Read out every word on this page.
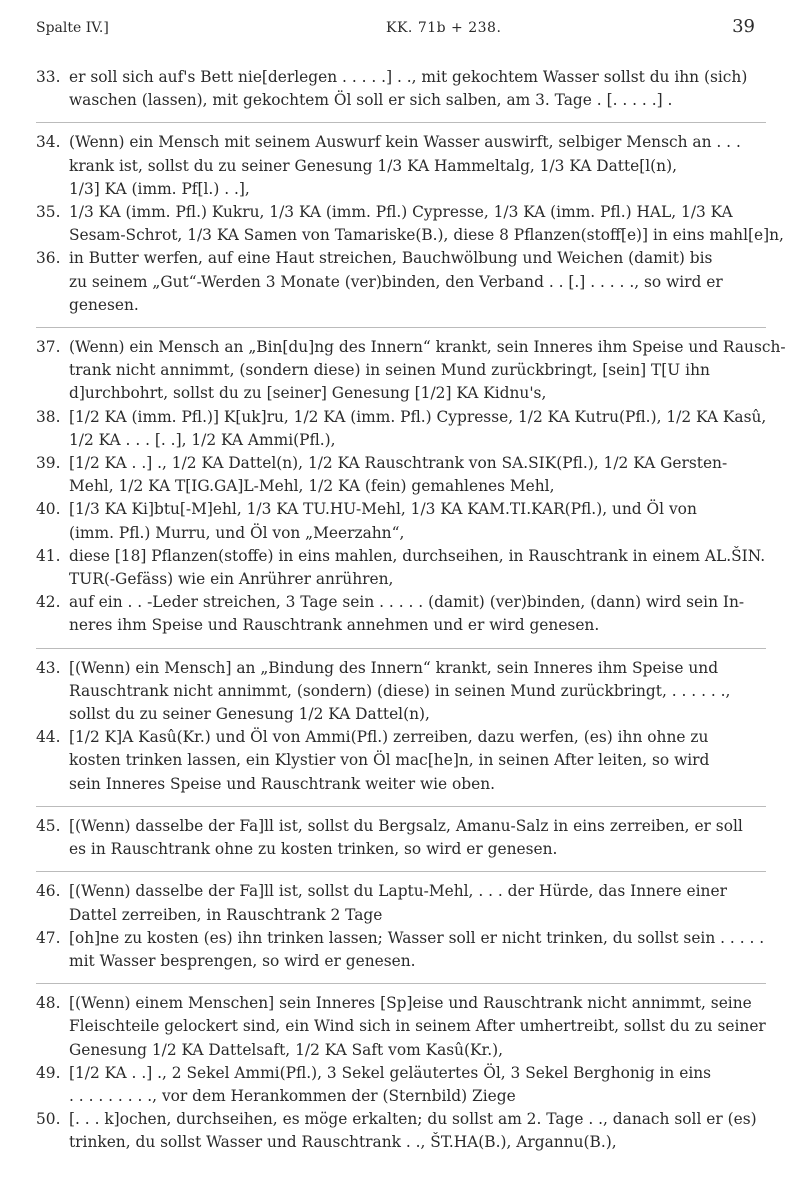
Spalte IV.]	KK. 71b + 238.	39
33. er soll sich auf's Bett nie[derlegen . . . . .] . ., mit gekochtem Wasser sollst du ihn (sich)
waschen (lassen), mit gekochtem Öl soll er sich salben, am 3. Tage . [. . . . .] .
34. (Wenn) ein Mensch mit seinem Auswurf kein Wasser auswirft, selbiger Mensch an . . .
krank ist, sollst du zu seiner Genesung 1/3 KA Hammeltalg, 1/3 KA Datte[l(n),
1/3] KA (imm. Pf[l.) . .],
35. 1/3 KA (imm. Pfl.) Kukru, 1/3 KA (imm. Pfl.) Cypresse, 1/3 KA (imm. Pfl.) HAL, 1/3 KA
Sesam-Schrot, 1/3 KA Samen von Tamariske(B.), diese 8 Pflanzen(stoff[e)] in eins mahl[e]n,
36. in Butter werfen, auf eine Haut streichen, Bauchwölbung und Weichen (damit) bis
zu seinem „Gut“-Werden 3 Monate (ver)binden, den Verband . . [.] . . . . ., so wird er
genesen.
37. (Wenn) ein Mensch an „Bin[du]ng des Innern“ krankt, sein Inneres ihm Speise und Rausch-
trank nicht annimmt, (sondern diese) in seinen Mund zurückbringt, [sein] T[U ihn
d]urchbohrt, sollst du zu [seiner] Genesung [1/2] KA Kidnu's,
38. [1/2 KA (imm. Pfl.)] K[uk]ru, 1/2 KA (imm. Pfl.) Cypresse, 1/2 KA Kutru(Pfl.), 1/2 KA Kasû,
1/2 KA . . . [. .], 1/2 KA Ammi(Pfl.),
39. [1/2 KA . .] ., 1/2 KA Dattel(n), 1/2 KA Rauschtrank von SA.SIK(Pfl.), 1/2 KA Gersten-
Mehl, 1/2 KA T[IG.GA]L-Mehl, 1/2 KA (fein) gemahlenes Mehl,
40. [1/3 KA Ki]btu[-M]ehl, 1/3 KA TU.HU-Mehl, 1/3 KA KAM.TI.KAR(Pfl.), und Öl von
(imm. Pfl.) Murru, und Öl von „Meerzahn“,
41. diese [18] Pflanzen(stoffe) in eins mahlen, durchseihen, in Rauschtrank in einem AL.ŠIN.
TUR(-Gefäss) wie ein Anrührer anrühren,
42. auf ein . . -Leder streichen, 3 Tage sein . . . . . (damit) (ver)binden, (dann) wird sein In-
neres ihm Speise und Rauschtrank annehmen und er wird genesen.
43. [(Wenn) ein Mensch] an „Bindung des Innern“ krankt, sein Inneres ihm Speise und
Rauschtrank nicht annimmt, (sondern) (diese) in seinen Mund zurückbringt, . . . . . .,
sollst du zu seiner Genesung 1/2 KA Dattel(n),
44. [1/2 K]A Kasû(Kr.) und Öl von Ammi(Pfl.) zerreiben, dazu werfen, (es) ihn ohne zu
kosten trinken lassen, ein Klystier von Öl mac[he]n, in seinen After leiten, so wird
sein Inneres Speise und Rauschtrank weiter wie oben.
45. [(Wenn) dasselbe der Fa]ll ist, sollst du Bergsalz, Amanu-Salz in eins zerreiben, er soll
es in Rauschtrank ohne zu kosten trinken, so wird er genesen.
46. [(Wenn) dasselbe der Fa]ll ist, sollst du Laptu-Mehl, . . . der Hürde, das Innere einer
Dattel zerreiben, in Rauschtrank 2 Tage
47. [oh]ne zu kosten (es) ihn trinken lassen; Wasser soll er nicht trinken, du sollst sein . . . . .
mit Wasser besprengen, so wird er genesen.
48. [(Wenn) einem Menschen] sein Inneres [Sp]eise und Rauschtrank nicht annimmt, seine
Fleischteile gelockert sind, ein Wind sich in seinem After umhertreibt, sollst du zu seiner
Genesung 1/2 KA Dattelsaft, 1/2 KA Saft vom Kasû(Kr.),
49. [1/2 KA . .] ., 2 Sekel Ammi(Pfl.), 3 Sekel geläutertes Öl, 3 Sekel Berghonig in eins
. . . . . . . . ., vor dem Herankommen der (Sternbild) Ziege
50. [. . . k]ochen, durchseihen, es möge erkalten; du sollst am 2. Tage . ., danach soll er (es)
trinken, du sollst Wasser und Rauschtrank . ., ŠT.HA(B.), Argannu(B.),
